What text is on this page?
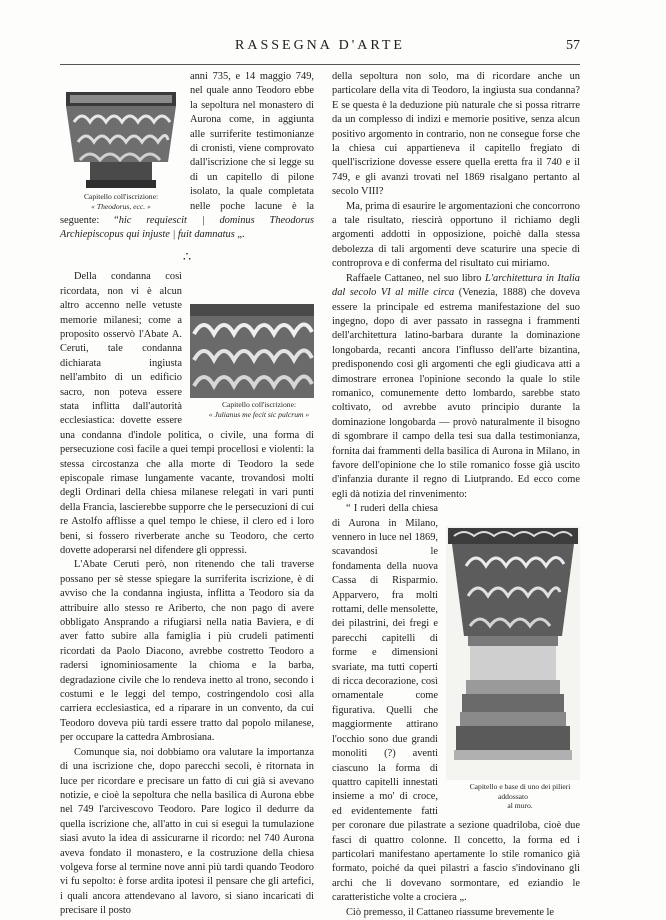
RASSEGNA D'ARTE	57
Capitello coll'iscrizione:
« Theodorus, ecc. »

anni 735, e 14 maggio 749, nel quale anno Teodoro ebbe la sepoltura nel monastero di Aurona come, in aggiunta alle surriferite testimonianze di cronisti, viene comprovato dall'iscrizione che si legge su di un capitello di pilone isolato, la quale completata nelle poche lacune è la seguente: “hic requiescit | dominus Theodorus Archiepiscopus qui injuste | fuit damnatus „.

∴

Capitello coll'iscrizione:
« Julianus me fecit sic pulcrum »
Della condanna così ricordata, non vi è alcun altro accenno nelle vetuste memorie milanesi; come a proposito osservò l'Abate A. Ceruti, tale condanna dichiarata ingiusta nell'ambito di un edificio sacro, non poteva essere stata inflitta dall'autorità ecclesiastica: dovette essere una condanna d'indole politica, o civile, una forma di persecuzione così facile a quei tempi procellosi e violenti: la stessa circostanza che alla morte di Teodoro la sede episcopale rimase lungamente vacante, trovandosi molti degli Ordinari della chiesa milanese relegati in vari punti della Francia, lascierebbe supporre che le persecuzioni di cui re Astolfo afflisse a quel tempo le chiese, il clero ed i loro beni, si fossero riverberate anche su Teodoro, che certo dovette adoperarsi nel difendere gli oppressi.

L'Abate Ceruti però, non ritenendo che tali traverse possano per sè stesse spiegare la surriferita iscrizione, è di avviso che la condanna ingiusta, inflitta a Teodoro sia da attribuire allo stesso re Ariberto, che non pago di avere obbligato Ansprando a rifugiarsi nella natia Baviera, e di aver fatto subire alla famiglia i più crudeli patimenti ricordati da Paolo Diacono, avrebbe costretto Teodoro a radersi ignominiosamente la chioma e la barba, degradazione civile che lo rendeva inetto al trono, secondo i costumi e le leggi del tempo, costringendolo così alla carriera ecclesiastica, ed a riparare in un convento, da cui Teodoro doveva più tardi essere tratto dal popolo milanese, per occupare la cattedra Ambrosiana.

Comunque sia, noi dobbiamo ora valutare la importanza di una iscrizione che, dopo parecchi secoli, è ritornata in luce per ricordare e precisare un fatto di cui già si avevano notizie, e cioè la sepoltura che nella basilica di Aurona ebbe nel 749 l'arcivescovo Teodoro. Pare logico il dedurre da quella iscrizione che, all'atto in cui si eseguì la tumulazione siasi avuto la idea di assicurarne il ricordo: nel 740 Aurona aveva fondato il monastero, e la costruzione della chiesa volgeva forse al termine nove anni più tardi quando Teodoro vi fu sepolto: è forse ardita ipotesi il pensare che gli artefici, i quali ancora attendevano al lavoro, si siano incaricati di precisare il posto

della sepoltura non solo, ma di ricordare anche un particolare della vita di Teodoro, la ingiusta sua condanna? E se questa è la deduzione più naturale che si possa ritrarre da un complesso di indizi e memorie positive, senza alcun positivo argomento in contrario, non ne consegue forse che la chiesa cui appartieneva il capitello fregiato di quell'iscrizione dovesse essere quella eretta fra il 740 e il 749, e gli avanzi trovati nel 1869 risalgano pertanto al secolo VIII?

Ma, prima di esaurire le argomentazioni che concorrono a tale risultato, riescirà opportuno il richiamo degli argomenti addotti in opposizione, poichè dalla stessa debolezza di tali argomenti deve scaturire una specie di controprova e di conferma del risultato cui miriamo.

Raffaele Cattaneo, nel suo libro L'architettura in Italia dal secolo VI al mille circa (Venezia, 1888) che doveva essere la principale ed estrema manifestazione del suo ingegno, dopo di aver passato in rassegna i frammenti dell'architettura latino-barbara durante la dominazione longobarda, recanti ancora l'influsso dell'arte bizantina, predisponendo così gli argomenti che egli giudicava atti a dimostrare erronea l'opinione secondo la quale lo stile romanico, comunemente detto lombardo, sarebbe stato coltivato, od avrebbe avuto principio durante la dominazione longobarda — provò naturalmente il bisogno di sgombrare il campo della tesi sua dalla testimonianza, fornita dai frammenti della basilica di Aurona in Milano, in favore dell'opinione che lo stile romanico fosse già uscito d'infanzia durante il regno di Liutprando. Ed ecco come egli dà notizia del rinvenimento:

Capitello e base di uno dei pilieri addossato
al muro.
“ I ruderi della chiesa di Aurona in Milano, vennero in luce nel 1869, scavandosi le fondamenta della nuova Cassa di Risparmio. Apparvero, fra molti rottami, delle mensolette, dei pilastrini, dei fregi e parecchi capitelli di forme e dimensioni svariate, ma tutti coperti di ricca decorazione, così ornamentale come figurativa. Quelli che maggiormente attirano l'occhio sono due grandi monoliti (?) aventi ciascuno la forma di quattro capitelli innestati insieme a mo' di croce, ed evidentemente fatti per coronare due pilastrate a sezione quadriloba, cioè due fasci di quattro colonne. Il concetto, la forma ed i particolari manifestano apertamente lo stile romanico già formato, poiché da quei pilastri a fascio s'indovinano gli archi che li dovevano sormontare, ed eziandio le caratteristiche volte a crociera „.

Ciò premesso, il Cattaneo riassume brevemente le
